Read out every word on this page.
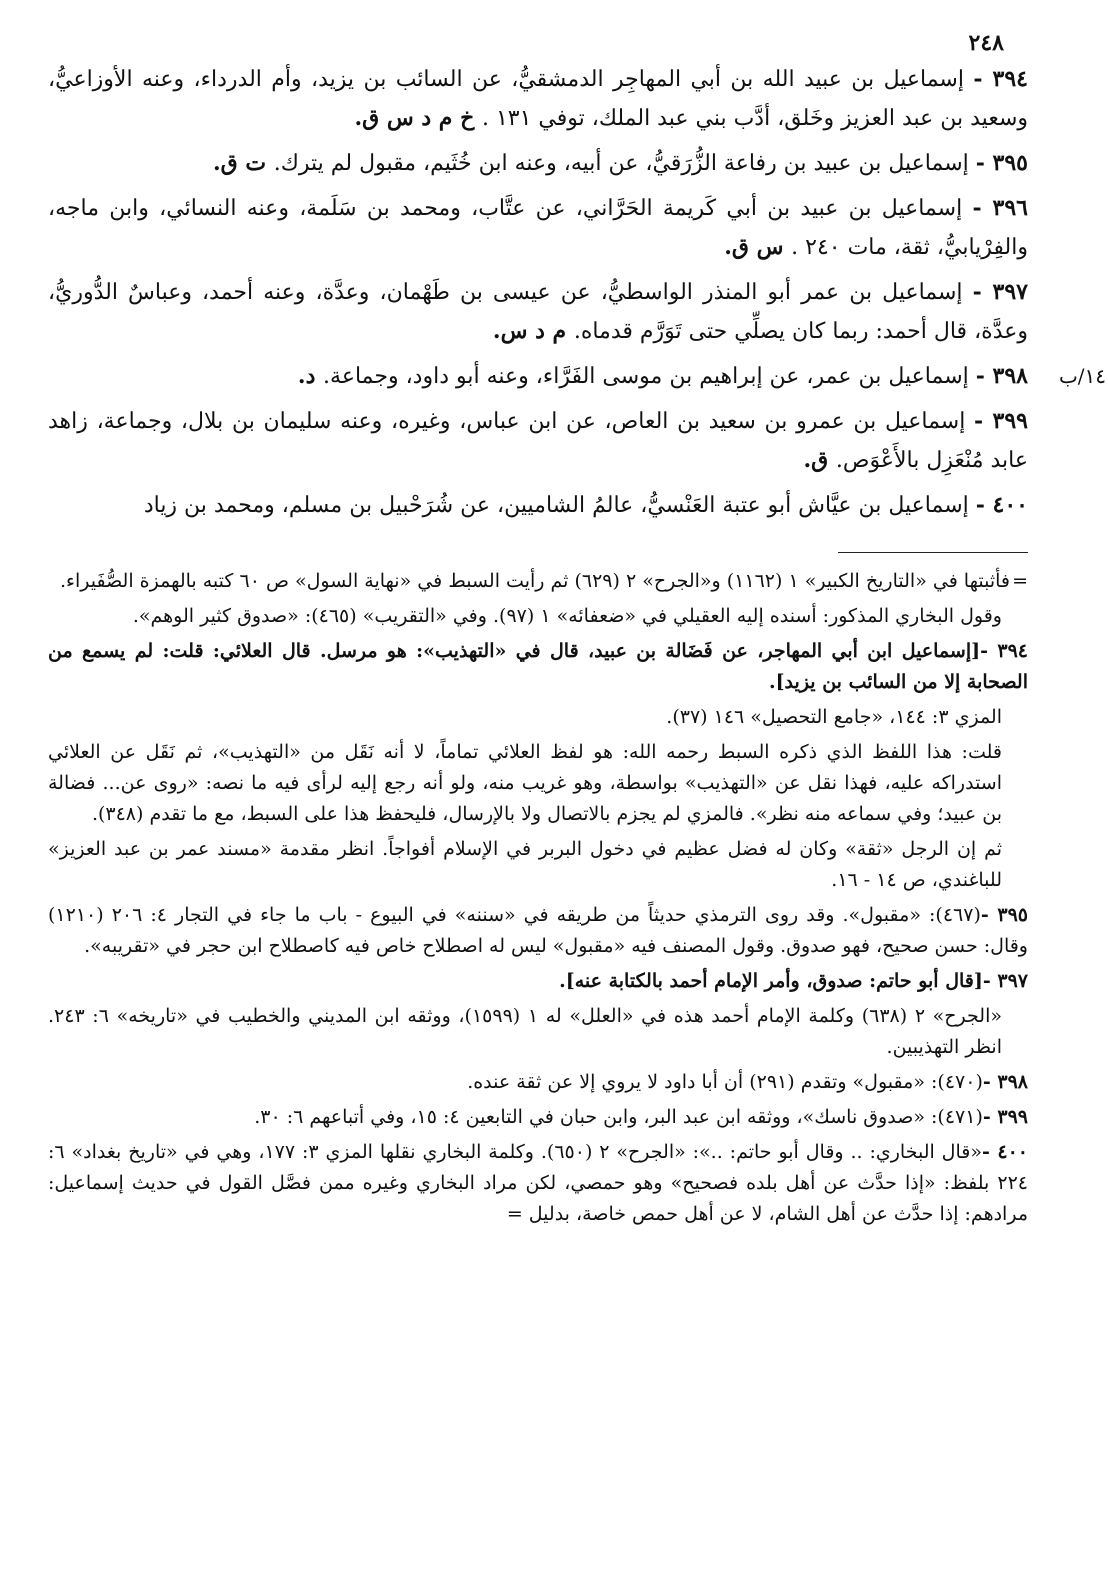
٢٤٨

٣٩٤ - إسماعيل بن عبيد الله بن أبي المهاجِر الدمشقيُّ، عن السائب بن يزيد، وأم الدرداء، وعنه الأوزاعيُّ، وسعيد بن عبد العزيز وخَلق، أدَّب بني عبد الملك، توفي ١٣١ . خ م د س ق.

٣٩٥ - إسماعيل بن عبيد بن رفاعة الزُّرَقيُّ، عن أبيه، وعنه ابن خُثَيم، مقبول لم يترك. ت ق.

٣٩٦ - إسماعيل بن عبيد بن أبي كَريمة الحَرَّاني، عن عتَّاب، ومحمد بن سَلَمة، وعنه النسائي، وابن ماجه، والفِرْيابيُّ، ثقة، مات ٢٤٠ . س ق.

٣٩٧ - إسماعيل بن عمر أبو المنذر الواسطيُّ، عن عيسى بن طَهْمان، وعدَّة، وعنه أحمد، وعباسٌ الدُّوريُّ، وعدَّة، قال أحمد: ربما كان يصلِّي حتى تَوَرَّم قدماه. م د س.

١٤/ب
٣٩٨ - إسماعيل بن عمر، عن إبراهيم بن موسى الفَرَّاء، وعنه أبو داود، وجماعة. د.

٣٩٩ - إسماعيل بن عمرو بن سعيد بن العاص، عن ابن عباس، وغيره، وعنه سليمان بن بلال، وجماعة، زاهد عابد مُنْعَزِل بالأَعْوَص. ق.

٤٠٠ - إسماعيل بن عيَّاش أبو عتبة العَنْسيُّ، عالمُ الشاميين، عن شُرَحْبيل بن مسلم، ومحمد بن زياد

=فأثبتها في «التاريخ الكبير» ١ (١١٦٢) و«الجرح» ٢ (٦٢٩) ثم رأيت السبط في «نهاية السول» ص ٦٠ كتبه بالهمزة الصُّفَيراء.

وقول البخاري المذكور: أسنده إليه العقيلي في «ضعفائه» ١ (٩٧). وفي «التقريب» (٤٦٥): «صدوق كثير الوهم».

٣٩٤ -[إسماعيل ابن أبي المهاجر، عن فَضَالة بن عبيد، قال في «التهذيب»: هو مرسل. قال العلائي: قلت: لم يسمع من الصحابة إلا من السائب بن يزيد].

المزي ٣: ١٤٤، «جامع التحصيل» ١٤٦ (٣٧).

قلت: هذا اللفظ الذي ذكره السبط رحمه الله: هو لفظ العلائي تماماً، لا أنه نَقَل من «التهذيب»، ثم نَقَل عن العلائي استدراكه عليه، فهذا نقل عن «التهذيب» بواسطة، وهو غريب منه، ولو أنه رجع إليه لرأى فيه ما نصه: «روى عن... فضالة بن عبيد؛ وفي سماعه منه نظر». فالمزي لم يجزم بالاتصال ولا بالإرسال، فليحفظ هذا على السبط، مع ما تقدم (٣٤٨).

ثم إن الرجل «ثقة» وكان له فضل عظيم في دخول البربر في الإسلام أفواجاً. انظر مقدمة «مسند عمر بن عبد العزيز» للباغندي، ص ١٤ - ١٦.

٣٩٥ -(٤٦٧): «مقبول». وقد روى الترمذي حديثاً من طريقه في «سننه» في البيوع - باب ما جاء في التجار ٤: ٢٠٦ (١٢١٠) وقال: حسن صحيح، فهو صدوق. وقول المصنف فيه «مقبول» ليس له اصطلاح خاص فيه كاصطلاح ابن حجر في «تقريبه».

٣٩٧ -[قال أبو حاتم: صدوق، وأمر الإمام أحمد بالكتابة عنه].

«الجرح» ٢ (٦٣٨) وكلمة الإمام أحمد هذه في «العلل» له ١ (١٥٩٩)، ووثقه ابن المديني والخطيب في «تاريخه» ٦: ٢٤٣. انظر التهذيبين.

٣٩٨ -(٤٧٠): «مقبول» وتقدم (٢٩١) أن أبا داود لا يروي إلا عن ثقة عنده.

٣٩٩ -(٤٧١): «صدوق ناسك»، ووثقه ابن عبد البر، وابن حبان في التابعين ٤: ١٥، وفي أتباعهم ٦: ٣٠.

٤٠٠ -«قال البخاري: .. وقال أبو حاتم: ..»: «الجرح» ٢ (٦٥٠). وكلمة البخاري نقلها المزي ٣: ١٧٧، وهي في «تاريخ بغداد» ٦: ٢٢٤ بلفظ: «إذا حدَّث عن أهل بلده فصحيح» وهو حمصي، لكن مراد البخاري وغيره ممن فصَّل القول في حديث إسماعيل: مرادهم: إذا حدَّث عن أهل الشام، لا عن أهل حمص خاصة، بدليل =
